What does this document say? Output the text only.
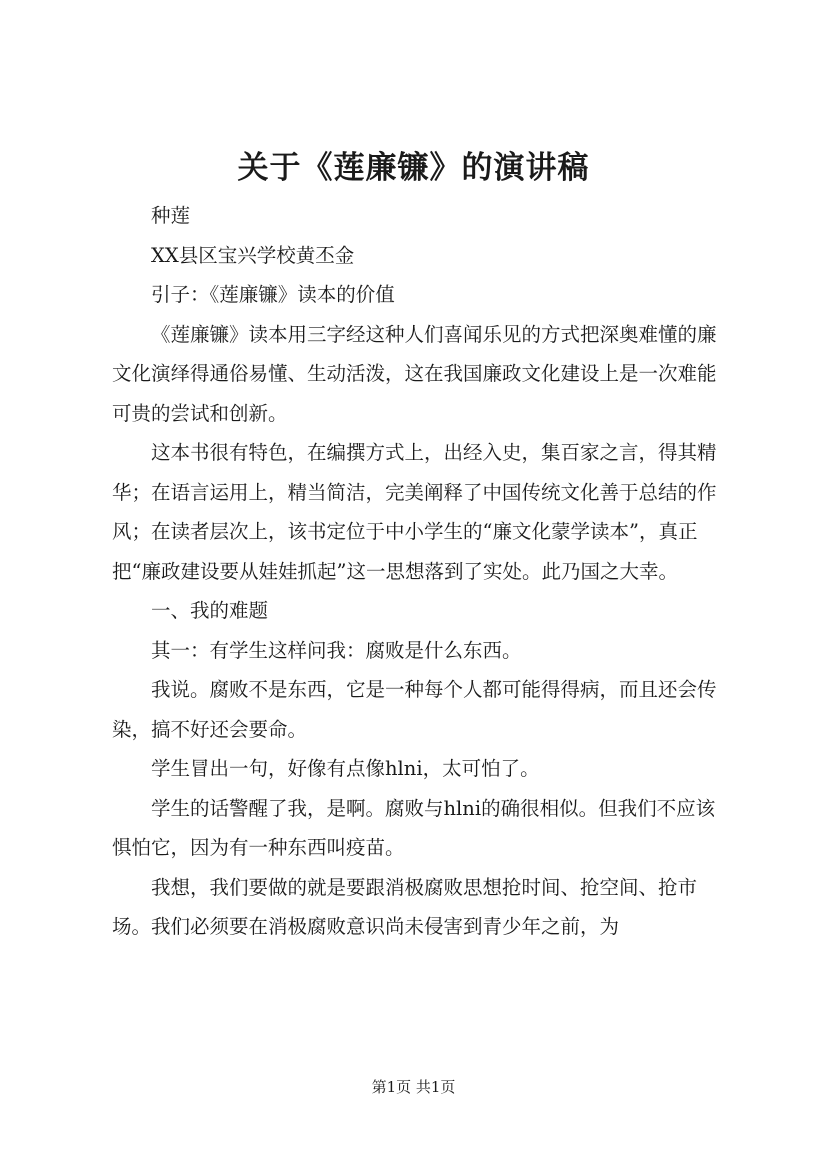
关于《莲廉镰》的演讲稿

种莲

XX县区宝兴学校黄丕金

引子：《莲廉镰》读本的价值

《莲廉镰》读本用三字经这种人们喜闻乐见的方式把深奥难懂的廉文化演绎得通俗易懂、生动活泼，这在我国廉政文化建设上是一次难能可贵的尝试和创新。

这本书很有特色，在编撰方式上，出经入史，集百家之言，得其精华；在语言运用上，精当简洁，完美阐释了中国传统文化善于总结的作风；在读者层次上，该书定位于中小学生的“廉文化蒙学读本”，真正把“廉政建设要从娃娃抓起”这一思想落到了实处。此乃国之大幸。

一、我的难题

其一：有学生这样问我：腐败是什么东西。

我说。腐败不是东西，它是一种每个人都可能得得病，而且还会传染，搞不好还会要命。

学生冒出一句，好像有点像hlni，太可怕了。

学生的话警醒了我，是啊。腐败与hlni的确很相似。但我们不应该惧怕它，因为有一种东西叫疫苗。

我想，我们要做的就是要跟消极腐败思想抢时间、抢空间、抢市场。我们必须要在消极腐败意识尚未侵害到青少年之前，为

第1页 共1页
